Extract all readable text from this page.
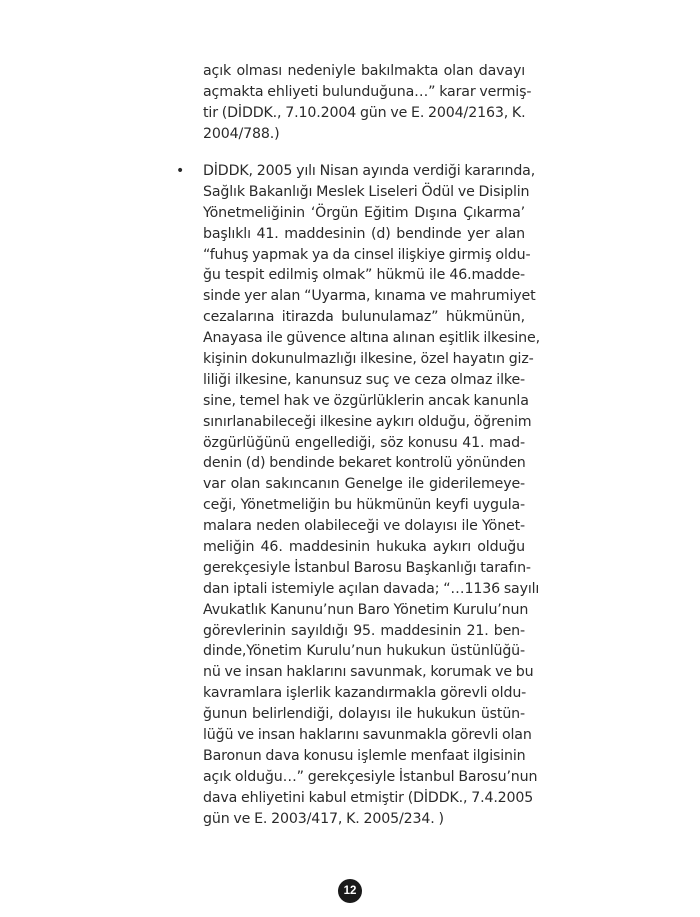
açık olması nedeniyle bakılmakta olan davayı
açmakta ehliyeti bulunduğuna…” karar vermiş-
tir (DİDDK., 7.10.2004 gün ve E. 2004/2163, K.
2004/788.)
• DİDDK, 2005 yılı Nisan ayında verdiği kararında,
Sağlık Bakanlığı Meslek Liseleri Ödül ve Disiplin
Yönetmeliğinin ‘Örgün Eğitim Dışına Çıkarma’
başlıklı 41. maddesinin (d) bendinde yer alan
“fuhuş yapmak ya da cinsel ilişkiye girmiş oldu-
ğu tespit edilmiş olmak” hükmü ile 46.madde-
sinde yer alan “Uyarma, kınama ve mahrumiyet
cezalarına itirazda bulunulamaz” hükmünün,
Anayasa ile güvence altına alınan eşitlik ilkesine,
kişinin dokunulmazlığı ilkesine, özel hayatın giz-
liliği ilkesine, kanunsuz suç ve ceza olmaz ilke-
sine, temel hak ve özgürlüklerin ancak kanunla
sınırlanabileceği ilkesine aykırı olduğu, öğrenim
özgürlüğünü engellediği, söz konusu 41. mad-
denin (d) bendinde bekaret kontrolü yönünden
var olan sakıncanın Genelge ile giderilemeye-
ceği, Yönetmeliğin bu hükmünün keyfi uygula-
malara neden olabileceği ve dolayısı ile Yönet-
meliğin 46. maddesinin hukuka aykırı olduğu
gerekçesiyle İstanbul Barosu Başkanlığı tarafın-
dan iptali istemiyle açılan davada; “…1136 sayılı
Avukatlık Kanunu’nun Baro Yönetim Kurulu’nun
görevlerinin sayıldığı 95. maddesinin 21. ben-
dinde,Yönetim Kurulu’nun hukukun üstünlüğü-
nü ve insan haklarını savunmak, korumak ve bu
kavramlara işlerlik kazandırmakla görevli oldu-
ğunun belirlendiği, dolayısı ile hukukun üstün-
lüğü ve insan haklarını savunmakla görevli olan
Baronun dava konusu işlemle menfaat ilgisinin
açık olduğu…” gerekçesiyle İstanbul Barosu’nun
dava ehliyetini kabul etmiştir (DİDDK., 7.4.2005
gün ve E. 2003/417, K. 2005/234. )
12
